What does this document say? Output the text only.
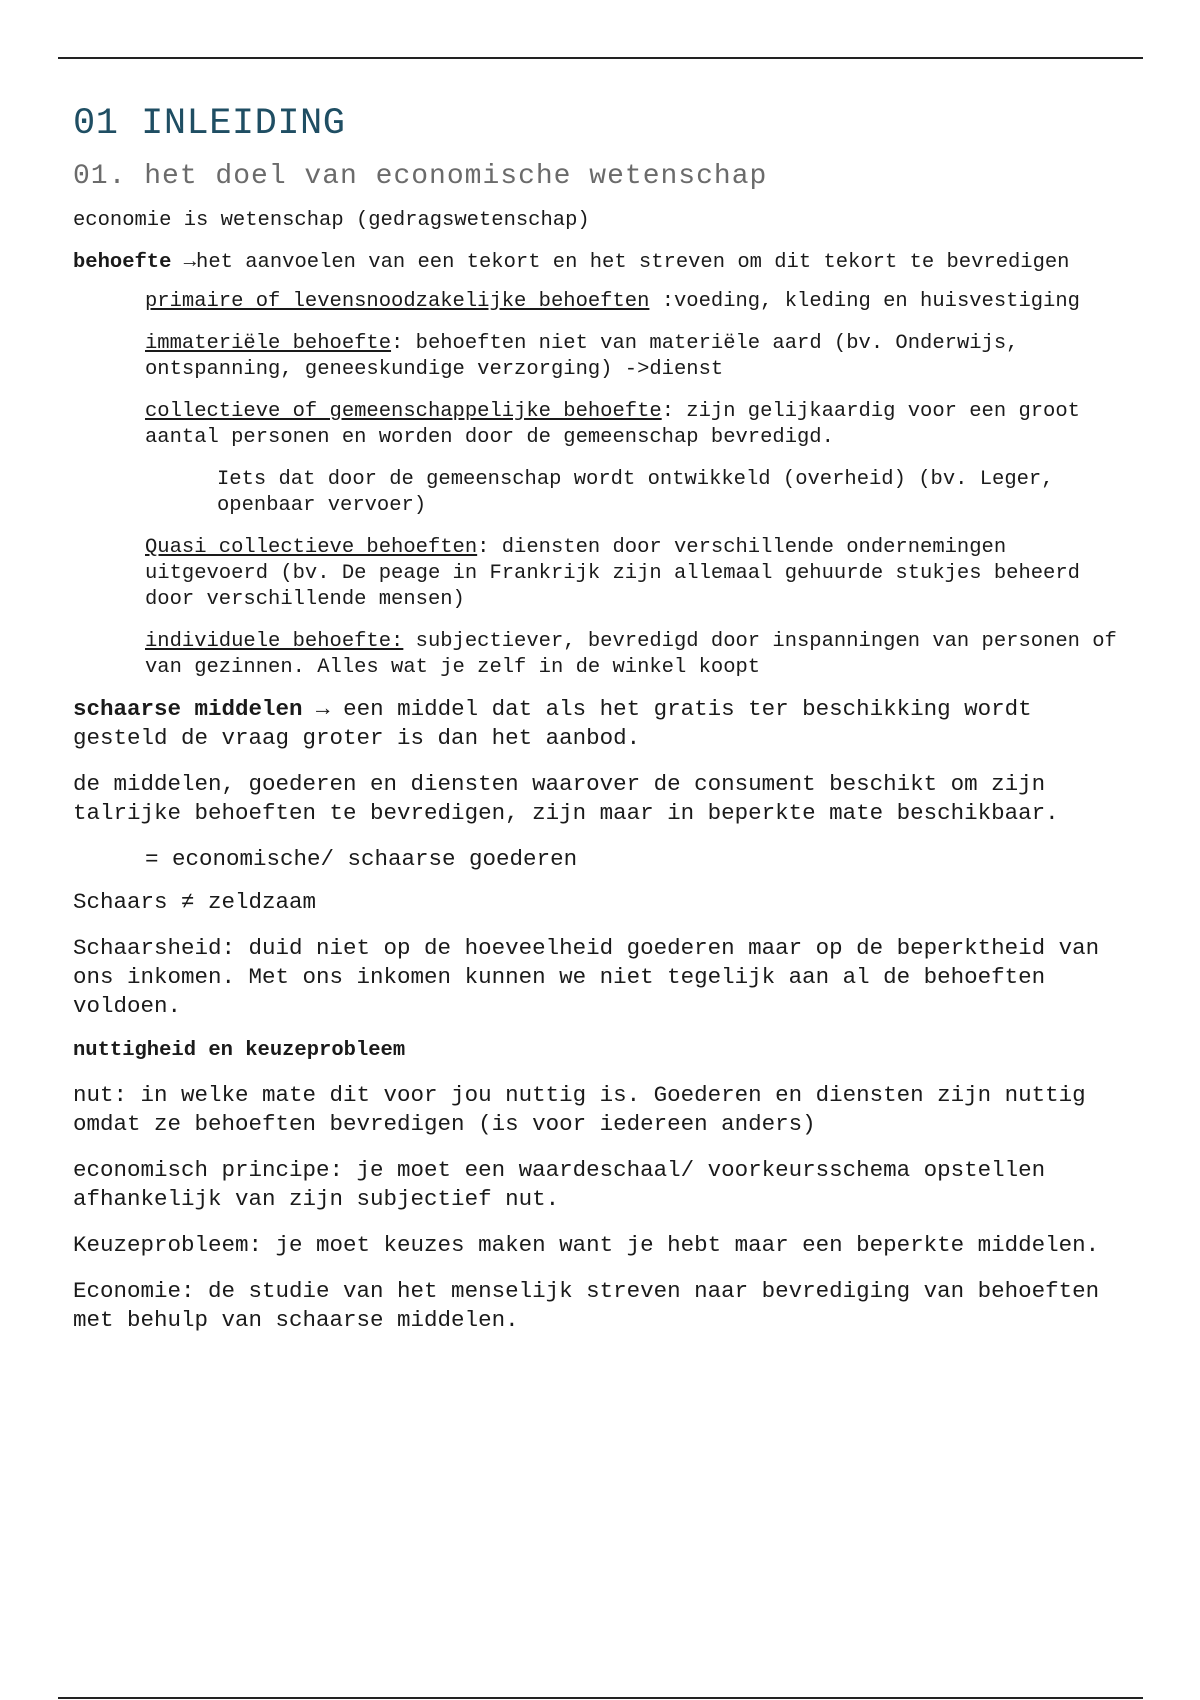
01 INLEIDING
01. het doel van economische wetenschap

economie is wetenschap (gedragswetenschap)

behoefte →het aanvoelen van een tekort en het streven om dit tekort te bevredigen

primaire of levensnoodzakelijke behoeften :voeding, kleding en huisvestiging

immateriële behoefte: behoeften niet van materiële aard (bv. Onderwijs, ontspanning, geneeskundige verzorging) ->dienst

collectieve of gemeenschappelijke behoefte: zijn gelijkaardig voor een groot aantal personen en worden door de gemeenschap bevredigd.

Iets dat door de gemeenschap wordt ontwikkeld (overheid) (bv. Leger, openbaar vervoer)

Quasi collectieve behoeften: diensten door verschillende ondernemingen uitgevoerd (bv. De peage in Frankrijk zijn allemaal gehuurde stukjes beheerd door verschillende mensen)

individuele behoefte: subjectiever, bevredigd door inspanningen van personen of van gezinnen. Alles wat je zelf in de winkel koopt

schaarse middelen → een middel dat als het gratis ter beschikking wordt gesteld de vraag groter is dan het aanbod.

de middelen, goederen en diensten waarover de consument beschikt om zijn talrijke behoeften te bevredigen, zijn maar in beperkte mate beschikbaar.

= economische/ schaarse goederen

Schaars ≠ zeldzaam

Schaarsheid: duid niet op de hoeveelheid goederen maar op de beperktheid van ons inkomen. Met ons inkomen kunnen we niet tegelijk aan al de behoeften voldoen.

nuttigheid en keuzeprobleem

nut: in welke mate dit voor jou nuttig is. Goederen en diensten zijn nuttig omdat ze behoeften bevredigen (is voor iedereen anders)

economisch principe: je moet een waardeschaal/ voorkeursschema opstellen afhankelijk van zijn subjectief nut.

Keuzeprobleem: je moet keuzes maken want je hebt maar een beperkte middelen.

Economie: de studie van het menselijk streven naar bevrediging van behoeften met behulp van schaarse middelen.
